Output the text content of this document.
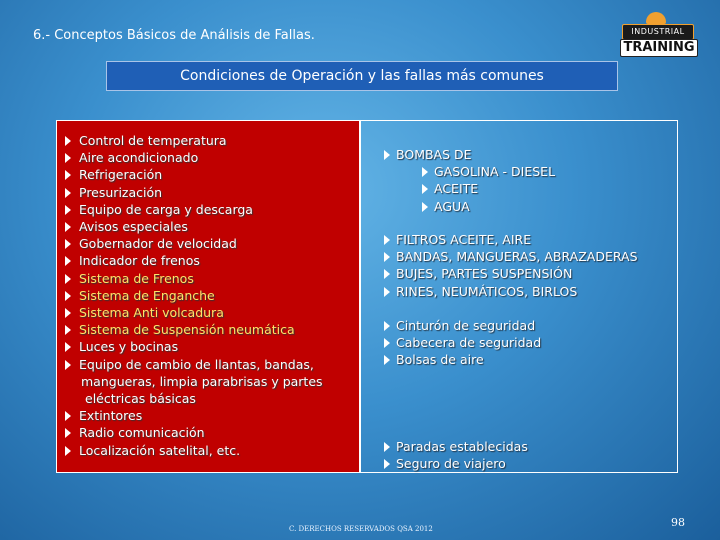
6.- Conceptos Básicos de Análisis de Fallas.	INDUSTRIAL
TRAINING
Condiciones de Operación y las fallas más comunes
Control de temperatura
Aire acondicionado
Refrigeración
Presurización
Equipo de carga y descarga
Avisos especiales
Gobernador de velocidad
Indicador de frenos
Sistema de Frenos
Sistema de Enganche
Sistema Anti volcadura
Sistema de Suspensión neumática
Luces y bocinas
Equipo de cambio de llantas, bandas,
mangueras, limpia parabrisas y partes
eléctricas básicas
Extintores
Radio comunicación
Localización satelital, etc.
BOMBAS DE
GASOLINA - DIESEL
ACEITE
AGUA
FILTROS ACEITE, AIRE
BANDAS, MANGUERAS, ABRAZADERAS
BUJES, PARTES SUSPENSIÓN
RINES, NEUMÁTICOS, BIRLOS
Cinturón de seguridad
Cabecera de seguridad
Bolsas de aire
Paradas establecidas
Seguro de viajero
C. DERECHOS RESERVADOS QSA 2012	98
